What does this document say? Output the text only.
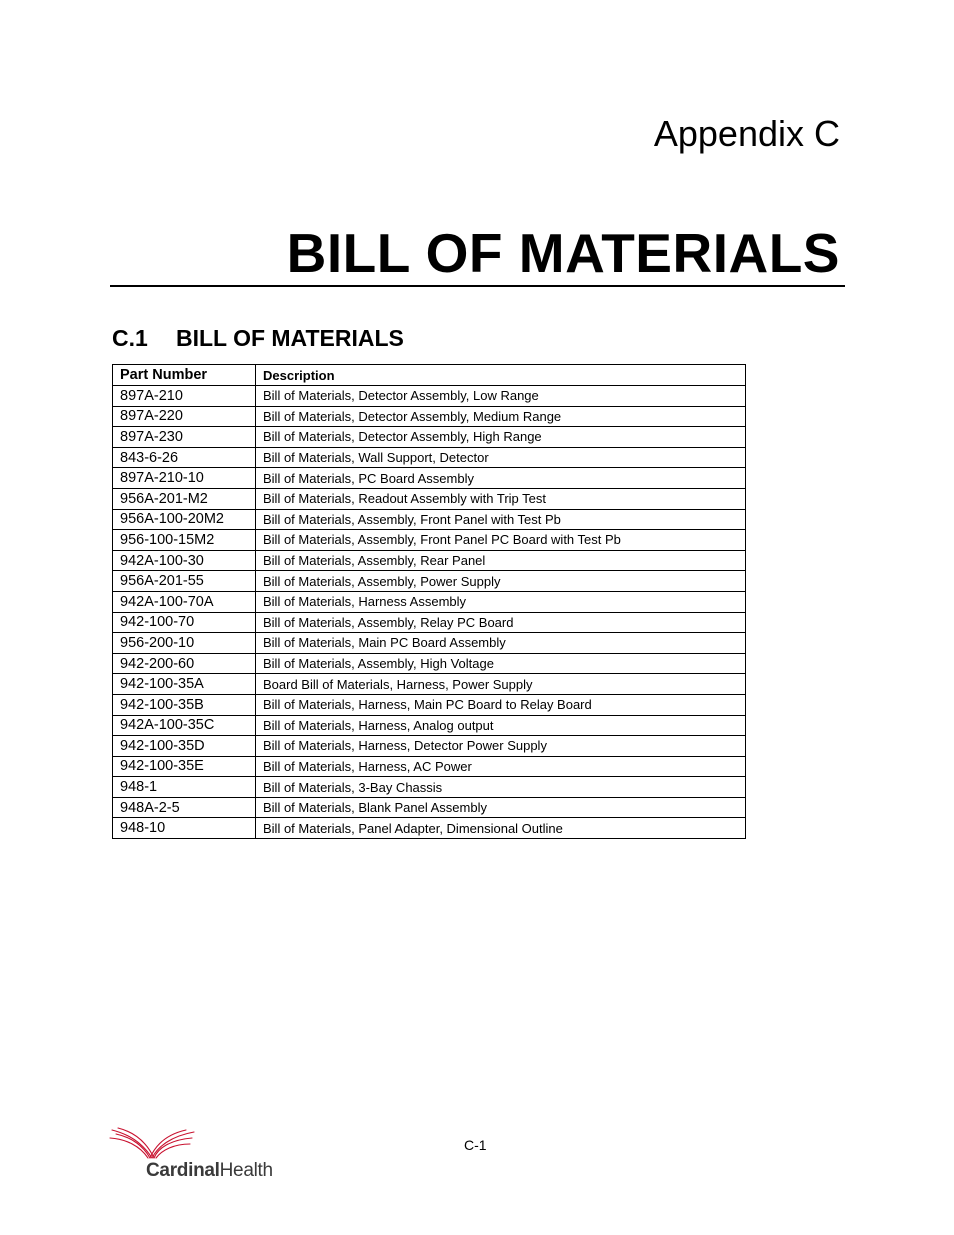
Appendix C
BILL OF MATERIALS
C.1 BILL OF MATERIALS
Part Number	Description
897A-210	Bill of Materials, Detector Assembly, Low Range
897A-220	Bill of Materials, Detector Assembly, Medium Range
897A-230	Bill of Materials, Detector Assembly, High Range
843-6-26	Bill of Materials, Wall Support, Detector
897A-210-10	Bill of Materials, PC Board Assembly
956A-201-M2	Bill of Materials, Readout Assembly with Trip Test
956A-100-20M2	Bill of Materials, Assembly, Front Panel with Test Pb
956-100-15M2	Bill of Materials, Assembly, Front Panel PC Board with Test Pb
942A-100-30	Bill of Materials, Assembly, Rear Panel
956A-201-55	Bill of Materials, Assembly, Power Supply
942A-100-70A	Bill of Materials, Harness Assembly
942-100-70	Bill of Materials, Assembly, Relay PC Board
956-200-10	Bill of Materials, Main PC Board Assembly
942-200-60	Bill of Materials, Assembly, High Voltage
942-100-35A	Board Bill of Materials, Harness, Power Supply
942-100-35B	Bill of Materials, Harness, Main PC Board to Relay Board
942A-100-35C	Bill of Materials, Harness, Analog output
942-100-35D	Bill of Materials, Harness, Detector Power Supply
942-100-35E	Bill of Materials, Harness, AC Power
948-1	Bill of Materials, 3-Bay Chassis
948A-2-5	Bill of Materials, Blank Panel Assembly
948-10	Bill of Materials, Panel Adapter, Dimensional Outline

C-1

CardinalHealth
